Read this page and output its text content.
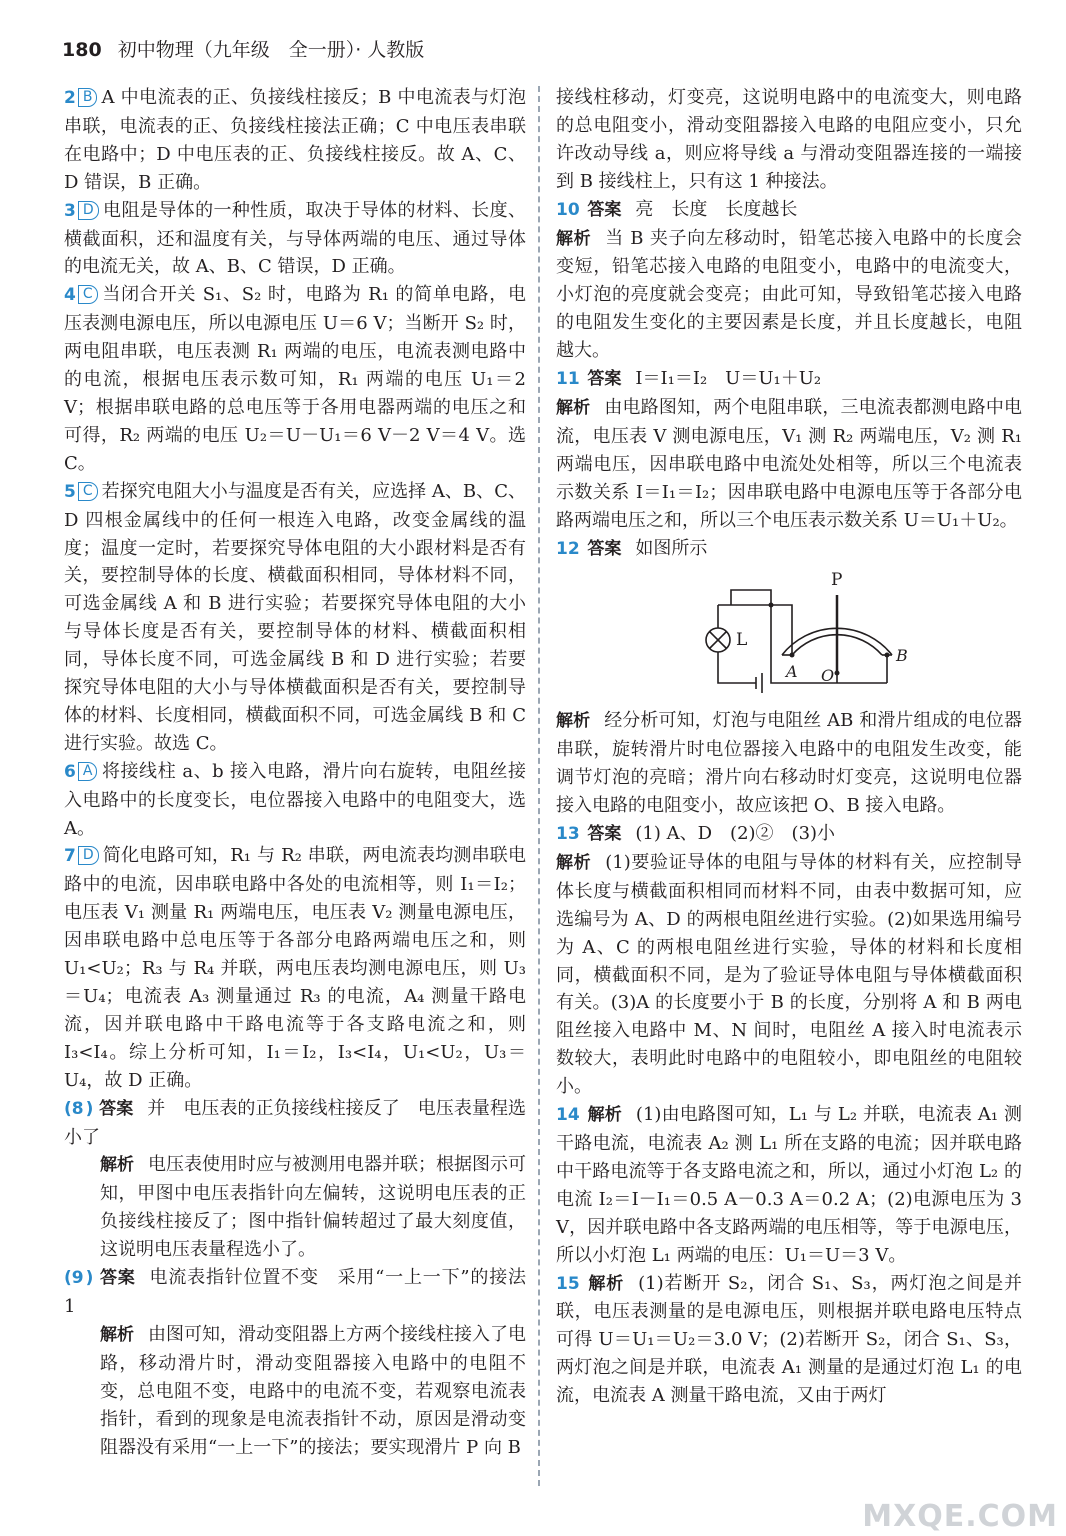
180 初中物理（九年级　全一册）· 人教版

2 B A 中电流表的正、负接线柱接反；B 中电流表与灯泡串联，电流表的正、负接线柱接法正确；C 中电压表串联在电路中；D 中电压表的正、负接线柱接反。故 A、C、D 错误，B 正确。

3 D 电阻是导体的一种性质，取决于导体的材料、长度、横截面积，还和温度有关，与导体两端的电压、通过导体的电流无关，故 A、B、C 错误，D 正确。

4 C 当闭合开关 S₁、S₂ 时，电路为 R₁ 的简单电路，电压表测电源电压，所以电源电压 U＝6 V；当断开 S₂ 时，两电阻串联，电压表测 R₁ 两端的电压，电流表测电路中的电流，根据电压表示数可知，R₁ 两端的电压 U₁＝2 V；根据串联电路的总电压等于各用电器两端的电压之和可得，R₂ 两端的电压 U₂＝U－U₁＝6 V－2 V＝4 V。选 C。

5 C 若探究电阻大小与温度是否有关，应选择 A、B、C、D 四根金属线中的任何一根连入电路，改变金属线的温度；温度一定时，若要探究导体电阻的大小跟材料是否有关，要控制导体的长度、横截面积相同，导体材料不同，可选金属线 A 和 B 进行实验；若要探究导体电阻的大小与导体长度是否有关，要控制导体的材料、横截面积相同，导体长度不同，可选金属线 B 和 D 进行实验；若要探究导体电阻的大小与导体横截面积是否有关，要控制导体的材料、长度相同，横截面积不同，可选金属线 B 和 C 进行实验。故选 C。

6 A 将接线柱 a、b 接入电路，滑片向右旋转，电阻丝接入电路中的长度变长，电位器接入电路中的电阻变大，选 A。

7 D 简化电路可知，R₁ 与 R₂ 串联，两电流表均测串联电路中的电流，因串联电路中各处的电流相等，则 I₁＝I₂；电压表 V₁ 测量 R₁ 两端电压，电压表 V₂ 测量电源电压，因串联电路中总电压等于各部分电路两端电压之和，则 U₁<U₂；R₃ 与 R₄ 并联，两电压表均测电源电压，则 U₃＝U₄；电流表 A₃ 测量通过 R₃ 的电流，A₄ 测量干路电流，因并联电路中干路电流等于各支路电流之和，则 I₃<I₄。综上分析可知，I₁＝I₂，I₃<I₄，U₁<U₂，U₃＝U₄，故 D 正确。

(8 ) 答案 并　电压表的正负接线柱接反了　电压表量程选小了

解析 电压表使用时应与被测用电器并联；根据图示可知，甲图中电压表指针向左偏转，这说明电压表的正负接线柱接反了；图中指针偏转超过了最大刻度值，这说明电压表量程选小了。

(9 ) 答案 电流表指针位置不变　采用“一上一下”的接法　1

解析 由图可知，滑动变阻器上方两个接线柱接入了电路，移动滑片时，滑动变阻器接入电路中的电阻不变，总电阻不变，电路中的电流不变，若观察电流表指针，看到的现象是电流表指针不动，原因是滑动变阻器没有采用“一上一下”的接法；要实现滑片 P 向 B

接线柱移动，灯变亮，这说明电路中的电流变大，则电路的总电阻变小，滑动变阻器接入电路的电阻应变小，只允许改动导线 a，则应将导线 a 与滑动变阻器连接的一端接到 B 接线柱上，只有这 1 种接法。

10 答案 亮　长度　长度越长

解析 当 B 夹子向左移动时，铅笔芯接入电路中的长度会变短，铅笔芯接入电路的电阻变小，电路中的电流变大，小灯泡的亮度就会变亮；由此可知，导致铅笔芯接入电路的电阻发生变化的主要因素是长度，并且长度越长，电阻越大。

11 答案 I＝I₁＝I₂　U＝U₁＋U₂

解析 由电路图知，两个电阻串联，三电流表都测电路中电流，电压表 V 测电源电压，V₁ 测 R₂ 两端电压，V₂ 测 R₁ 两端电压，因串联电路中电流处处相等，所以三个电流表示数关系 I＝I₁＝I₂；因串联电路中电源电压等于各部分电路两端电压之和，所以三个电压表示数关系 U＝U₁＋U₂。

12 答案 如图所示

L
P
A O
B

解析 经分析可知，灯泡与电阻丝 AB 和滑片组成的电位器串联，旋转滑片时电位器接入电路中的电阻发生改变，能调节灯泡的亮暗；滑片向右移动时灯变亮，这说明电位器接入电路的电阻变小，故应该把 O、B 接入电路。

13 答案 (1) A、D　(2)②　(3)小

解析 (1)要验证导体的电阻与导体的材料有关，应控制导体长度与横截面积相同而材料不同，由表中数据可知，应选编号为 A、D 的两根电阻丝进行实验。(2)如果选用编号为 A、C 的两根电阻丝进行实验，导体的材料和长度相同，横截面积不同，是为了验证导体电阻与导体横截面积有关。(3)A 的长度要小于 B 的长度，分别将 A 和 B 两电阻丝接入电路中 M、N 间时，电阻丝 A 接入时电流表示数较大，表明此时电路中的电阻较小，即电阻丝的电阻较小。

14 解析 (1)由电路图可知，L₁ 与 L₂ 并联，电流表 A₁ 测干路电流，电流表 A₂ 测 L₁ 所在支路的电流；因并联电路中干路电流等于各支路电流之和，所以，通过小灯泡 L₂ 的电流 I₂＝I－I₁＝0.5 A－0.3 A＝0.2 A；(2)电源电压为 3 V，因并联电路中各支路两端的电压相等，等于电源电压，所以小灯泡 L₁ 两端的电压：U₁＝U＝3 V。

15 解析 (1)若断开 S₂，闭合 S₁、S₃，两灯泡之间是并联，电压表测量的是电源电压，则根据并联电路电压特点可得 U＝U₁＝U₂＝3.0 V；(2)若断开 S₂，闭合 S₁、S₃，两灯泡之间是并联，电流表 A₁ 测量的是通过灯泡 L₁ 的电流，电流表 A 测量干路电流，又由于两灯

MXQE.COM
